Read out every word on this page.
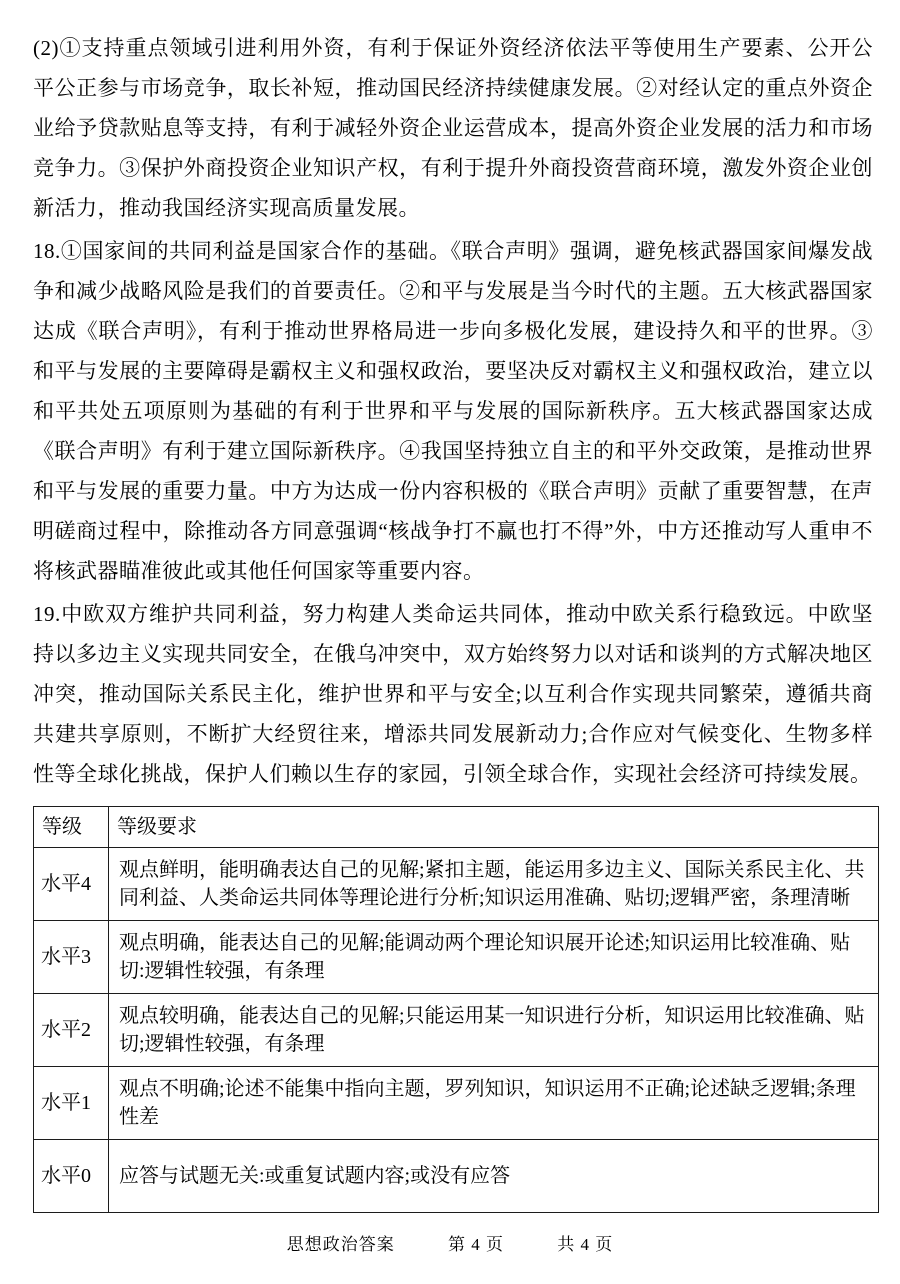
(2)①支持重点领域引进利用外资，有利于保证外资经济依法平等使用生产要素、公开公平公正参与市场竞争，取长补短，推动国民经济持续健康发展。②对经认定的重点外资企业给予贷款贴息等支持，有利于减轻外资企业运营成本，提高外资企业发展的活力和市场竞争力。③保护外商投资企业知识产权，有利于提升外商投资营商环境，激发外资企业创新活力，推动我国经济实现高质量发展。

18.①国家间的共同利益是国家合作的基础。《联合声明》强调，避免核武器国家间爆发战争和减少战略风险是我们的首要责任。②和平与发展是当今时代的主题。五大核武器国家达成《联合声明》，有利于推动世界格局进一步向多极化发展，建设持久和平的世界。③和平与发展的主要障碍是霸权主义和强权政治，要坚决反对霸权主义和强权政治，建立以和平共处五项原则为基础的有利于世界和平与发展的国际新秩序。五大核武器国家达成《联合声明》有利于建立国际新秩序。④我国坚持独立自主的和平外交政策，是推动世界和平与发展的重要力量。中方为达成一份内容积极的《联合声明》贡献了重要智慧，在声明磋商过程中，除推动各方同意强调“核战争打不赢也打不得”外，中方还推动写人重申不将核武器瞄准彼此或其他任何国家等重要内容。

19.中欧双方维护共同利益，努力构建人类命运共同体，推动中欧关系行稳致远。中欧坚持以多边主义实现共同安全，在俄乌冲突中，双方始终努力以对话和谈判的方式解决地区冲突，推动国际关系民主化，维护世界和平与安全;以互利合作实现共同繁荣，遵循共商共建共享原则，不断扩大经贸往来，增添共同发展新动力;合作应对气候变化、生物多样性等全球化挑战，保护人们赖以生存的家园，引领全球合作，实现社会经济可持续发展。

等级	等级要求
水平4	观点鲜明，能明确表达自己的见解;紧扣主题，能运用多边主义、国际关系民主化、共同利益、人类命运共同体等理论进行分析;知识运用准确、贴切;逻辑严密，条理清晰
水平3	观点明确，能表达自己的见解;能调动两个理论知识展开论述;知识运用比较准确、贴切:逻辑性较强，有条理
水平2	观点较明确，能表达自己的见解;只能运用某一知识进行分析，知识运用比较准确、贴切;逻辑性较强，有条理
水平1	观点不明确;论述不能集中指向主题，罗列知识，知识运用不正确;论述缺乏逻辑;条理性差
水平0	应答与试题无关:或重复试题内容;或没有应答
思想政治答案	第 4 页	共 4 页
